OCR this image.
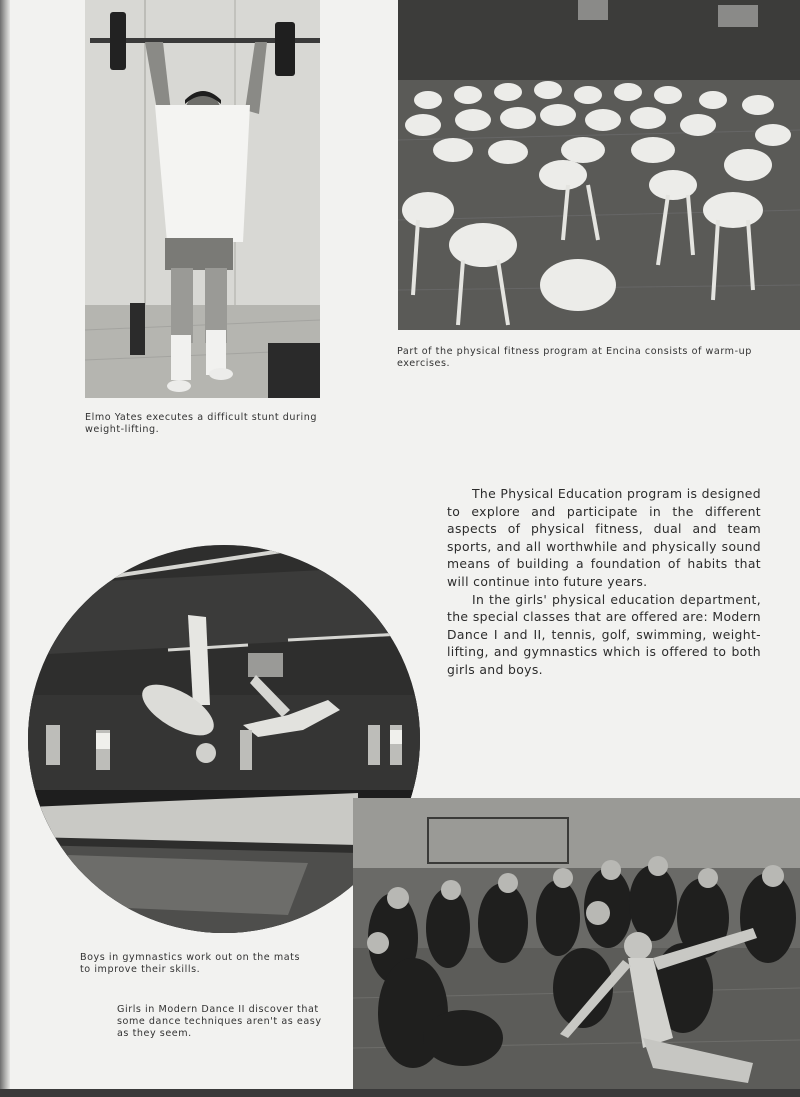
Part of the physical fitness program at Encina consists of warm-up exercises.
Elmo Yates executes a difficult stunt during weight-lifting.

The Physical Education program is designed to explore and participate in the different aspects of physical fitness, dual and team sports, and all worthwhile and physically sound means of building a foundation of habits that will continue into future years.

In the girls' physical education department, the special classes that are offered are: Modern Dance I and II, tennis, golf, swimming, weight-lifting, and gymnastics which is offered to both girls and boys.

Boys in gymnastics work out on the mats to improve their skills.
Girls in Modern Dance II discover that some dance techniques aren't as easy as they seem.
